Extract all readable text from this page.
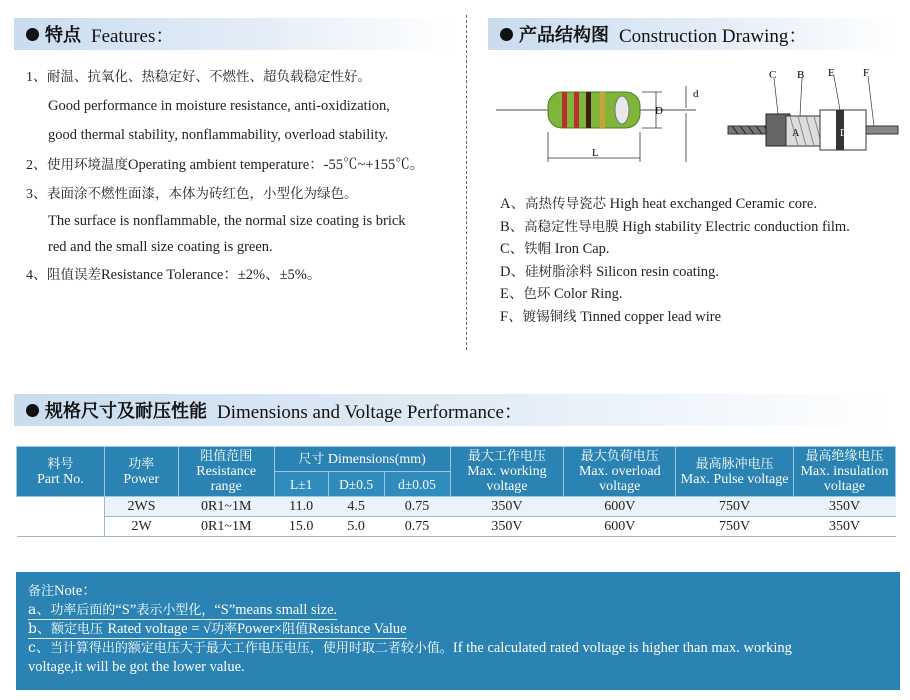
特点 Features：
1、耐温、抗氧化、热稳定好、不燃性、超负载稳定性好。
Good performance in moisture resistance, anti-oxidization,
good thermal stability, nonflammability, overload stability.
2、使用环境温度Operating ambient temperature：-55℃~+155℃。
3、表面涂不燃性面漆，本体为砖红色，小型化为绿色。
The surface is nonflammable, the normal size coating is brick
red and the small size coating is green.
4、阻值误差Resistance Tolerance：±2%、±5%。
产品结构图 Construction Drawing：
D
d
L
C B E	F
A	D
A、高热传导瓷芯 High heat exchanged Ceramic core.
B、高稳定性导电膜 High stability Electric conduction film.
C、铁帽 Iron Cap.
D、硅树脂涂料 Silicon resin coating.
E、色环 Color Ring.
F、镀锡铜线 Tinned copper lead wire
规格尺寸及耐压性能 Dimensions and Voltage Performance：
料号
Part No.	功率
Power	阻值范围
Resistance range	尺寸 Dimensions(mm)			最大工作电压
Max. working voltage	最大负荷电压
Max. overload voltage	最高脉冲电压
Max. Pulse voltage	最高绝缘电压
Max. insulation voltage
			L±1	D±0.5	d±0.05				
	2WS	0R1~1M	11.0	4.5	0.75	350V	600V	750V	350V
	2W	0R1~1M	15.0	5.0	0.75	350V	600V	750V	350V
备注Note：
a、功率后面的“S”表示小型化，“S”means small size.
b、额定电压 Rated voltage = √功率Power×阻值Resistance Value
c、当计算得出的额定电压大于最大工作电压电压，使用时取二者较小值。If the calculated rated voltage is higher than max. working
voltage,it will be got the lower value.
